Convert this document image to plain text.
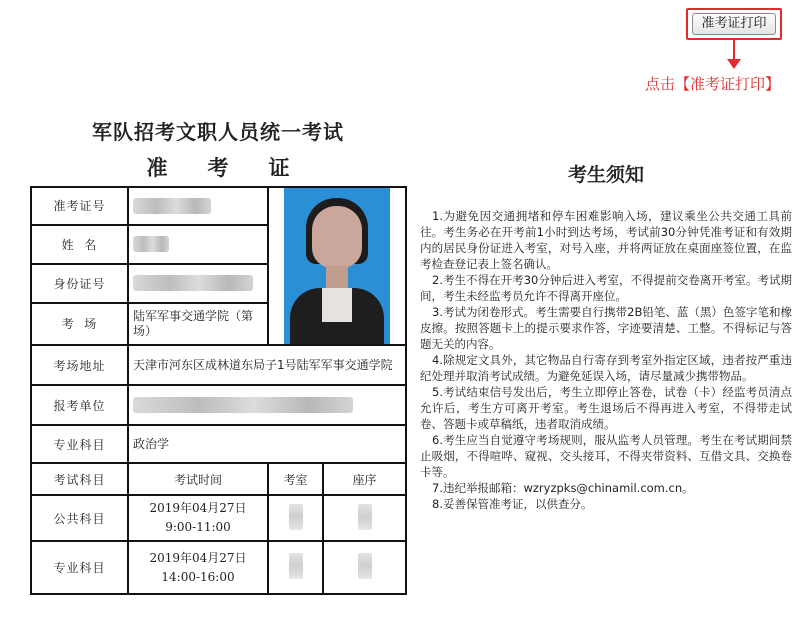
准考证打印
点击【准考证打印】
军队招考文职人员统一考试
准 考 证
准考证号			

姓  名			
身份证号			
考  场	陆军军事交通学院（第 场）		
考场地址	天津市河东区成林道东局子1号陆军军事交通学院		
报考单位			
专业科目	政治学		
考试科目	考试时间	考室	座序
公共科目	2019年04月27日
9:00-11:00		

专业科目	2019年04月27日
14:00-16:00		

考生须知

1.为避免因交通拥堵和停车困难影响入场，建议乘坐公共交通工具前往。考生务必在开考前1小时到达考场，考试前30分钟凭准考证和有效期内的居民身份证进入考室，对号入座，并将两证放在桌面座签位置，在监考检查登记表上签名确认。

2.考生不得在开考30分钟后进入考室，不得提前交卷离开考室。考试期间，考生未经监考员允许不得离开座位。

3.考试为闭卷形式。考生需要自行携带2B铅笔、蓝（黑）色签字笔和橡皮擦。按照答题卡上的提示要求作答，字迹要清楚、工整。不得标记与答题无关的内容。

4.除规定文具外，其它物品自行寄存到考室外指定区域，违者按严重违纪处理并取消考试成绩。为避免延误入场，请尽量减少携带物品。

5.考试结束信号发出后，考生立即停止答卷，试卷（卡）经监考员清点允许后，考生方可离开考室。考生退场后不得再进入考室，不得带走试卷、答题卡或草稿纸，违者取消成绩。

6.考生应当自觉遵守考场规则，服从监考人员管理。考生在考试期间禁止吸烟，不得喧哗、窥视、交头接耳，不得夹带资料、互借文具、交换卷卡等。

7.违纪举报邮箱：wzryzpks@chinamil.com.cn。

8.妥善保管准考证，以供查分。
